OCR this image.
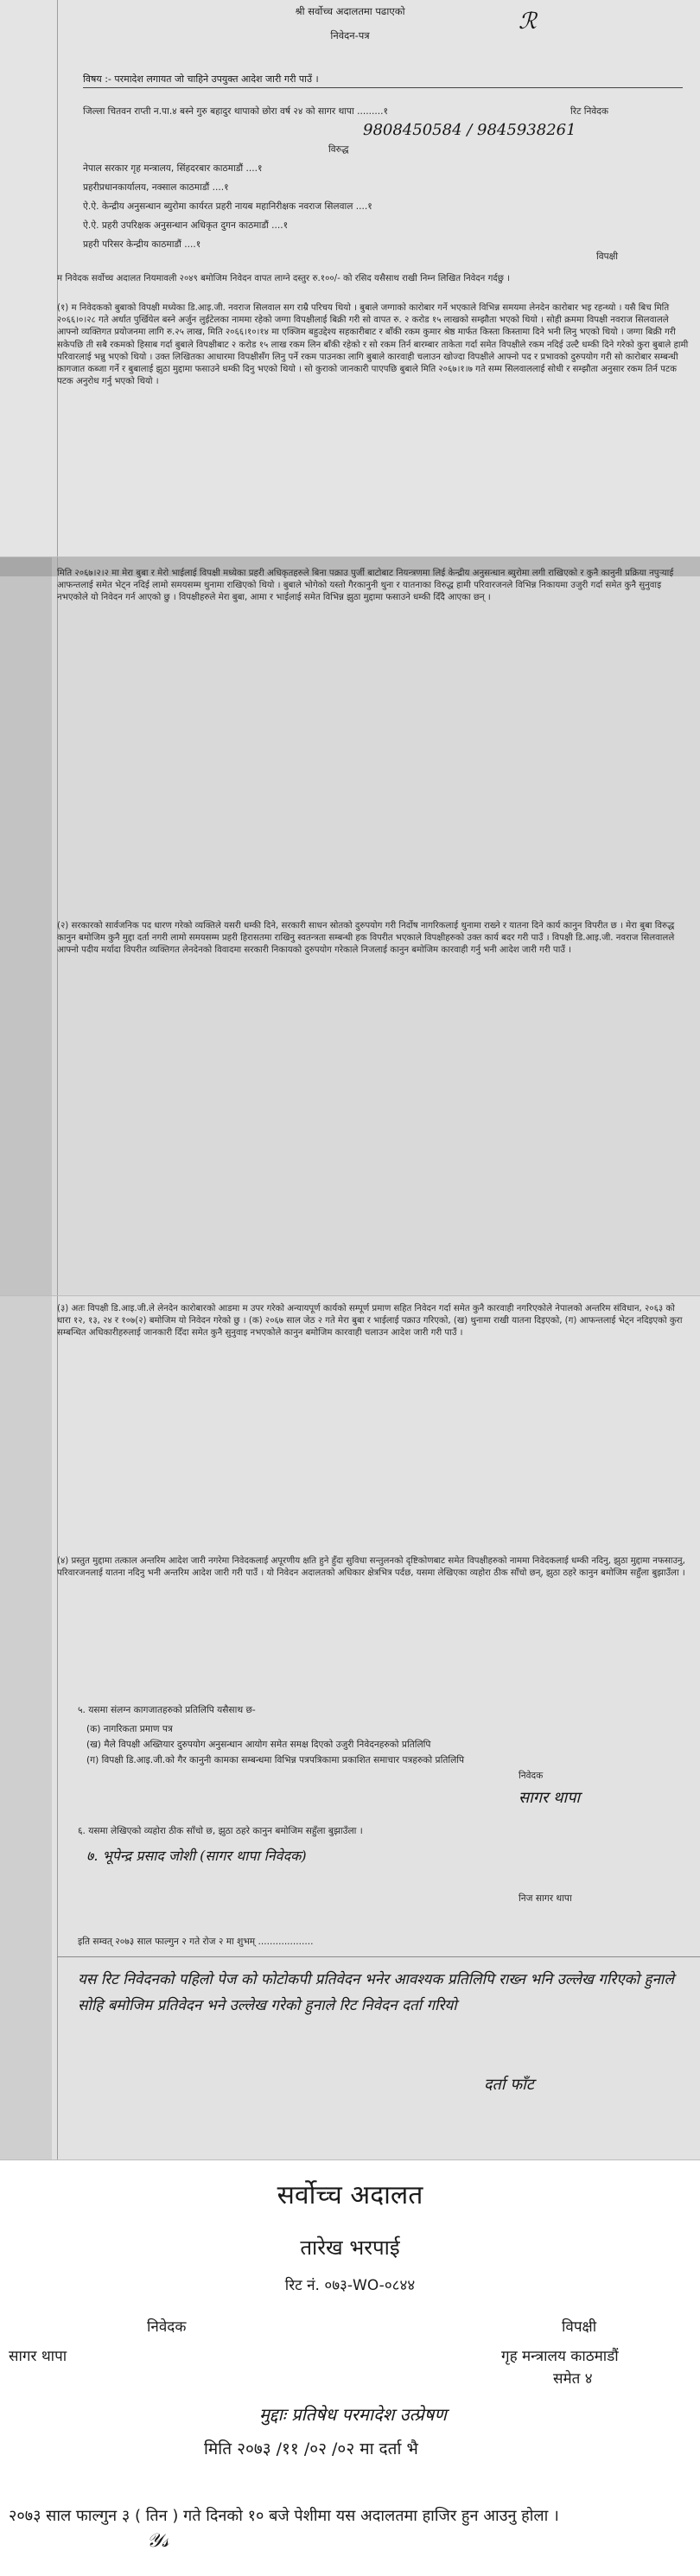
श्री सर्वोच्च अदालतमा पढाएको
निवेदन-पत्र
ℛ
विषय :- परमादेश लगायत जो चाहिने उपयुक्त आदेश जारी गरी पाउँ ।
जिल्ला चितवन राप्ती न.पा.४ बस्ने गुरु बहादुर थापाको छोरा वर्ष २४ को सागर थापा .........१	रिट निवेदक
9808450584 / 9845938261
विरुद्ध
नेपाल सरकार गृह मन्त्रालय, सिंहदरबार काठमाडौं ....१
प्रहरीप्रधानकार्यालय, नक्साल काठमाडौं ....१
ऐ.ऐ. केन्द्रीय अनुसन्धान ब्युरोमा कार्यरत प्रहरी नायब महानिरीक्षक नवराज सिलवाल ....१
ऐ.ऐ. प्रहरी उपरिक्षक अनुसन्धान अधिकृत दुगन काठमाडौं ....१
प्रहरी परिसर केन्द्रीय काठमाडौं ....१
विपक्षी
म निवेदक सर्वोच्च अदालत नियमावली २०४९ बमोजिम निवेदन वापत लाग्ने दस्तुर रु.१००/- को रसिद यसैसाथ राखी निम्न लिखित निवेदन गर्दछु ।
(१) म निवेदकको बुबाको विपक्षी मध्येका डि.आइ.जी. नवराज सिलवाल सग राम्रै परिचय थियो । बुबाले जग्गाको कारोबार गर्ने भएकाले विभिन्न समयमा लेनदेन कारोबार भइ रहन्थ्यो । यसै बिच मिति २०६६।०।२८ गते अर्थात पुर्खियेल बस्ने अर्जुन लुईटेलका नाममा रहेको जग्गा विपक्षीलाई बिक्री गरी सो वापत रु. २ करोड १५ लाखको सम्झौता भएको थियो । सोही क्रममा विपक्षी नवराज सिलवालले आफ्नो व्यक्तिगत प्रयोजनमा लागि रु.२५ लाख, मिति २०६६।१०।१४ मा एक्जिम बहुउद्देश्य सहकारीबाट र बाँकी रकम कुमार श्रेष्ठ मार्फत किस्ता किस्तामा दिने भनी लिनु भएको थियो । जग्गा बिक्री गरी सकेपछि ती सबै रकमको हिसाब गर्दा बुबाले विपक्षीबाट २ करोड १५ लाख रकम लिन बाँकी रहेको र सो रकम तिर्न बारम्बार ताकेता गर्दा समेत विपक्षीले रकम नदिई उल्टै धम्की दिने गरेको कुरा बुबाले हामी परिवारलाई भन्नु भएको थियो । उक्त लिखितका आधारमा विपक्षीसँग लिनु पर्ने रकम पाउनका लागि बुबाले कारवाही चलाउन खोज्दा विपक्षीले आफ्नो पद र प्रभावको दुरुपयोग गरी सो कारोबार सम्बन्धी कागजात कब्जा गर्ने र बुबालाई झुठा मुद्दामा फसाउने धम्की दिनु भएको थियो । सो कुराको जानकारी पाएपछि बुबाले मिति २०६७।१।७ गते सम्म सिलवाललाई सोधी र सम्झौता अनुसार रकम तिर्न पटक पटक अनुरोध गर्नु भएको थियो ।
मिति २०६७।२।२ मा मेरा बुबा र मेरो भाईलाई विपक्षी मध्येका प्रहरी अधिकृतहरुले बिना पक्राउ पुर्जी बाटोबाट नियन्त्रणमा लिई केन्द्रीय अनुसन्धान ब्युरोमा लगी राखिएको र कुनै कानुनी प्रक्रिया नपुर्‍याई आफन्तलाई समेत भेट्न नदिई लामो समयसम्म थुनामा राखिएको थियो । बुबाले भोगेको यस्तो गैरकानुनी थुना र यातनाका विरुद्ध हामी परिवारजनले विभिन्न निकायमा उजुरी गर्दा समेत कुनै सुनुवाइ नभएकोले यो निवेदन गर्न आएको छु । विपक्षीहरुले मेरा बुबा, आमा र भाईलाई समेत विभिन्न झुठा मुद्दामा फसाउने धम्की दिँदै आएका छन् ।
(२) सरकारको सार्वजनिक पद धारण गरेको व्यक्तिले यसरी धम्की दिने, सरकारी साधन स्रोतको दुरुपयोग गरी निर्दोष नागरिकलाई थुनामा राख्ने र यातना दिने कार्य कानुन विपरीत छ । मेरा बुबा विरुद्ध कानुन बमोजिम कुनै मुद्दा दर्ता नगरी लामो समयसम्म प्रहरी हिरासतमा राखिनु स्वतन्त्रता सम्बन्धी हक विपरीत भएकाले विपक्षीहरुको उक्त कार्य बदर गरी पाउँ । विपक्षी डि.आइ.जी. नवराज सिलवालले आफ्नो पदीय मर्यादा विपरीत व्यक्तिगत लेनदेनको विवादमा सरकारी निकायको दुरुपयोग गरेकाले निजलाई कानुन बमोजिम कारवाही गर्नु भनी आदेश जारी गरी पाउँ ।
(३) अतः विपक्षी डि.आइ.जी.ले लेनदेन कारोबारको आडमा म उपर गरेको अन्यायपूर्ण कार्यको सम्पूर्ण प्रमाण सहित निवेदन गर्दा समेत कुनै कारवाही नगरिएकोले नेपालको अन्तरिम संविधान, २०६३ को धारा १२, १३, २४ र १०७(२) बमोजिम यो निवेदन गरेको छु । (क) २०६७ साल जेठ २ गते मेरा बुबा र भाईलाई पक्राउ गरिएको, (ख) थुनामा राखी यातना दिइएको, (ग) आफन्तलाई भेट्न नदिइएको कुरा सम्बन्धित अधिकारीहरुलाई जानकारी दिँदा समेत कुनै सुनुवाइ नभएकोले कानुन बमोजिम कारवाही चलाउन आदेश जारी गरी पाउँ ।
(४) प्रस्तुत मुद्दामा तत्काल अन्तरिम आदेश जारी नगरेमा निवेदकलाई अपूरणीय क्षति हुने हुँदा सुविधा सन्तुलनको दृष्टिकोणबाट समेत विपक्षीहरुको नाममा निवेदकलाई धम्की नदिनु, झुठा मुद्दामा नफसाउनु, परिवारजनलाई यातना नदिनु भनी अन्तरिम आदेश जारी गरी पाउँ । यो निवेदन अदालतको अधिकार क्षेत्रभित्र पर्दछ, यसमा लेखिएका व्यहोरा ठीक साँचो छन्, झुठा ठहरे कानुन बमोजिम सहुँला बुझाउँला ।
५. यसमा संलग्न कागजातहरुको प्रतिलिपि यसैसाथ छ-
(क) नागरिकता प्रमाण पत्र
(ख) मैले विपक्षी अख्तियार दुरुपयोग अनुसन्धान आयोग समेत समक्ष दिएको उजुरी निवेदनहरुको प्रतिलिपि
(ग) विपक्षी डि.आइ.जी.को गैर कानुनी कामका सम्बन्धमा विभिन्न पत्रपत्रिकामा प्रकाशित समाचार पत्रहरुको प्रतिलिपि
निवेदक
सागर थापा
६. यसमा लेखिएको व्यहोरा ठीक साँचो छ, झुठा ठहरे कानुन बमोजिम सहुँला बुझाउँला ।
७. भूपेन्द्र प्रसाद जोशी (सागर थापा निवेदक)
निज सागर थापा
इति सम्वत् २०७३ साल फाल्गुन २ गते रोज २ मा शुभम् ...................
यस रिट निवेदनको पहिलो पेज को फोटोकपी प्रतिवेदन भनेर आवश्यक प्रतिलिपि राख्न भनि उल्लेख गरिएको हुनाले सोहि बमोजिम प्रतिवेदन भने उल्लेख गरेको हुनाले रिट निवेदन दर्ता गरियो
दर्ता फाँट
सर्वोच्च अदालत
तारेख भरपाई
रिट नं. ०७३-WO-०८४४
निवेदक
सागर थापा
विपक्षी
गृह मन्त्रालय काठमाडौं
समेत ४
मुद्दाः प्रतिषेध परमादेश उत्प्रेषण
मिति २०७३ /११ /०२ /०२ मा दर्ता भै
२०७३ साल फाल्गुन ३ ( तिन ) गते दिनको १० बजे पेशीमा यस अदालतमा हाजिर हुन आउनु होला ।
𝒴𝓈
